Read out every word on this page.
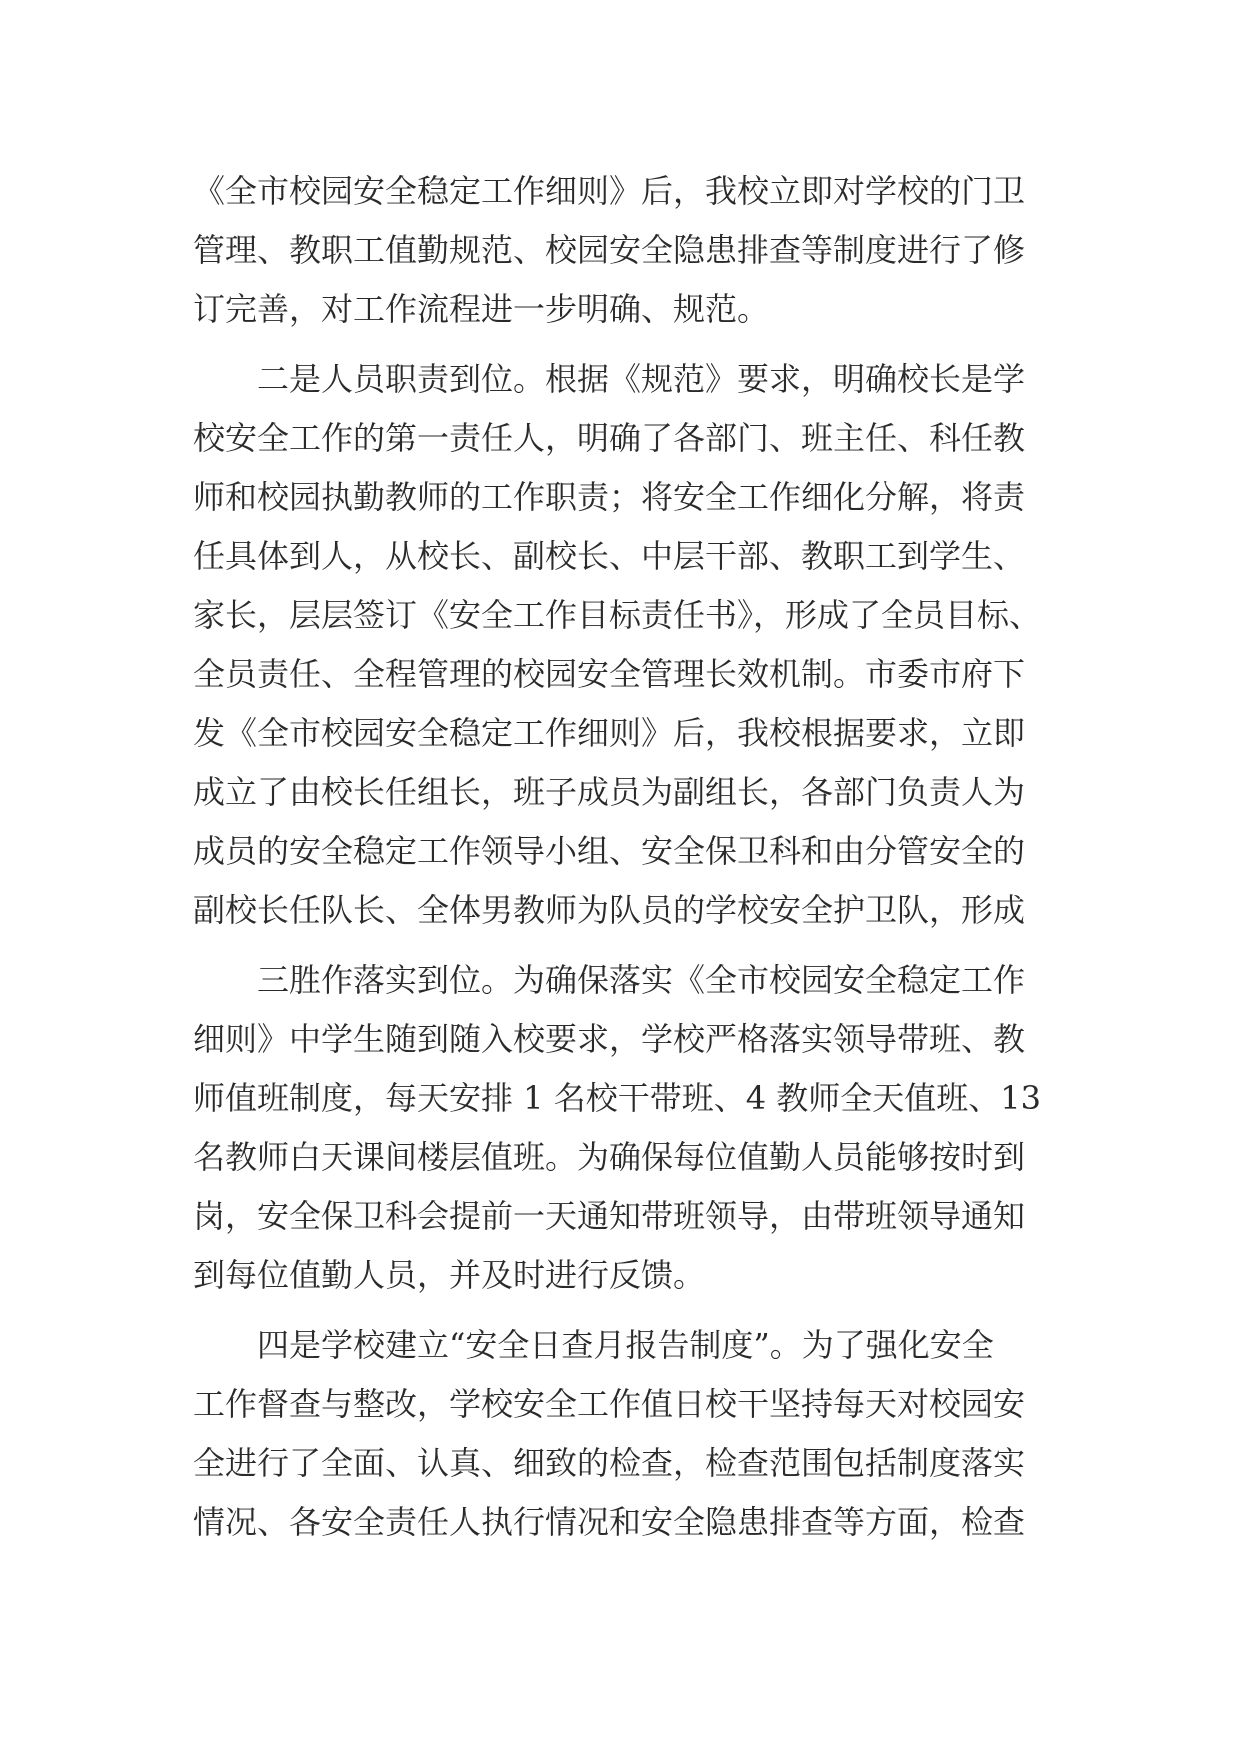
《全市校园安全稳定工作细则》后，我校立即对学校的门卫
管理、教职工值勤规范、校园安全隐患排查等制度进行了修
订完善，对工作流程进一步明确、规范。
　　二是人员职责到位。根据《规范》要求，明确校长是学
校安全工作的第一责任人，明确了各部门、班主任、科任教
师和校园执勤教师的工作职责；将安全工作细化分解，将责
任具体到人，从校长、副校长、中层干部、教职工到学生、
家长，层层签订《安全工作目标责任书》，形成了全员目标、
全员责任、全程管理的校园安全管理长效机制。市委市府下
发《全市校园安全稳定工作细则》后，我校根据要求，立即
成立了由校长任组长，班子成员为副组长，各部门负责人为
成员的安全稳定工作领导小组、安全保卫科和由分管安全的
副校长任队长、全体男教师为队员的学校安全护卫队，形成
　　三胜作落实到位。为确保落实《全市校园安全稳定工作
细则》中学生随到随入校要求，学校严格落实领导带班、教
师值班制度，每天安排 1 名校干带班、4 教师全天值班、13
名教师白天课间楼层值班。为确保每位值勤人员能够按时到
岗，安全保卫科会提前一天通知带班领导，由带班领导通知
到每位值勤人员，并及时进行反馈。
　　四是学校建立“安全日查月报告制度”。为了强化安全
工作督查与整改，学校安全工作值日校干坚持每天对校园安
全进行了全面、认真、细致的检查，检查范围包括制度落实
情况、各安全责任人执行情况和安全隐患排查等方面，检查
